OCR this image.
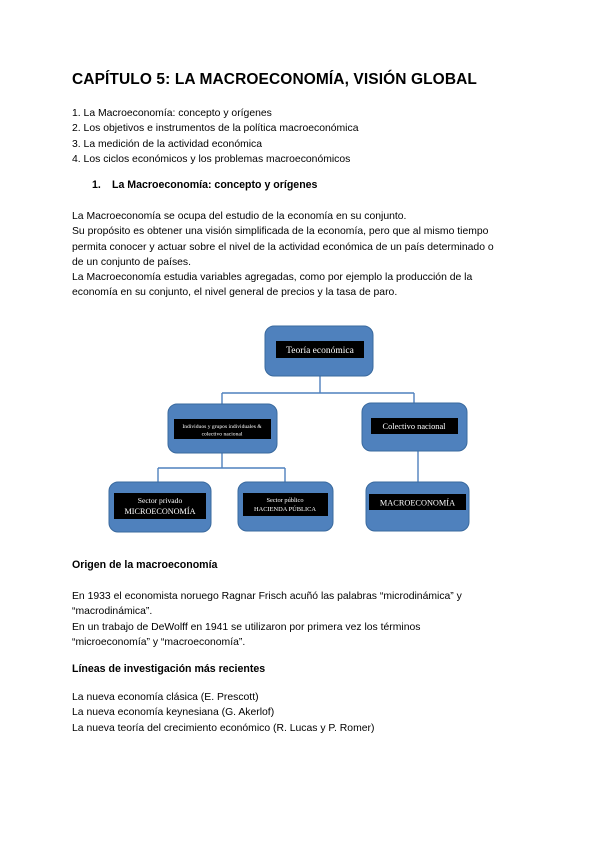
CAPÍTULO 5: LA MACROECONOMÍA, VISIÓN GLOBAL
1. La Macroeconomía: concepto y orígenes
2. Los objetivos e instrumentos de la política macroeconómica
3. La medición de la actividad económica
4. Los ciclos económicos y los problemas macroeconómicos
1. La Macroeconomía: concepto y orígenes
La Macroeconomía se ocupa del estudio de la economía en su conjunto.
Su propósito es obtener una visión simplificada de la economía, pero que al mismo tiempo
permita conocer y actuar sobre el nivel de la actividad económica de un país determinado o
de un conjunto de países.
La Macroeconomía estudia variables agregadas, como por ejemplo la producción de la
economía en su conjunto, el nivel general de precios y la tasa de paro.
Teoría económica
Individuos y grupos individuales &
colectivo nacional
Colectivo nacional
Sector privado
MICROECONOMÍA
Sector público
HACIENDA PÚBLICA
MACROECONOMÍA
Origen de la macroeconomía
En 1933 el economista noruego Ragnar Frisch acuñó las palabras “microdinámica” y
“macrodinámica”.
En un trabajo de DeWolff en 1941 se utilizaron por primera vez los términos
“microeconomía” y “macroeconomía”.
Líneas de investigación más recientes
La nueva economía clásica (E. Prescott)
La nueva economía keynesiana (G. Akerlof)
La nueva teoría del crecimiento económico (R. Lucas y P. Romer)
